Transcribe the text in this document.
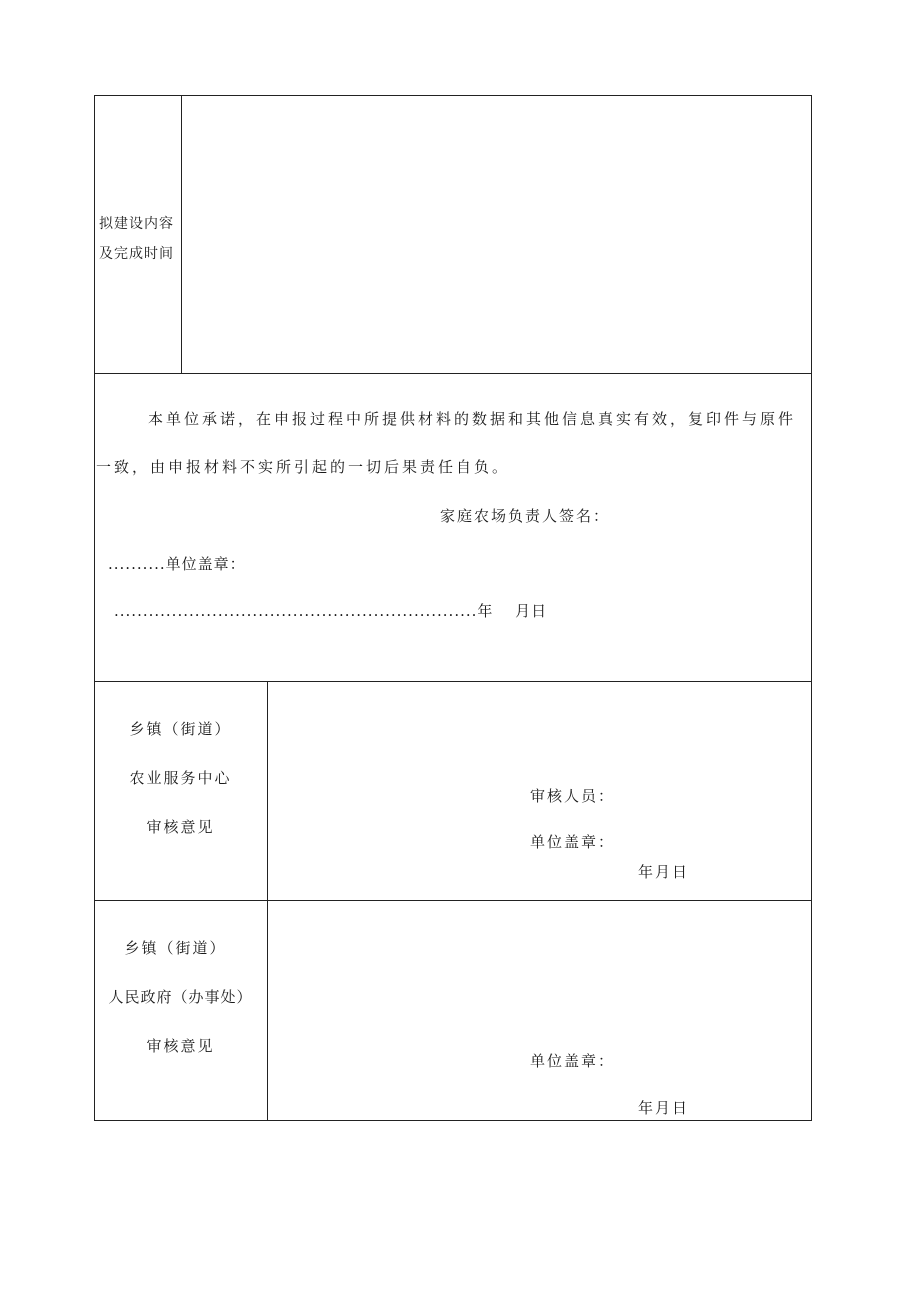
拟建设内容
及完成时间
本单位承诺，在申报过程中所提供材料的数据和其他信息真实有效，复印件与原件
一致，由申报材料不实所引起的一切后果责任自负。
家庭农场负责人签名：
..........单位盖章：
...............................................................年　 月日
乡镇（街道）
农业服务中心
审核意见
审核人员：
单位盖章：
年月日
乡镇（街道）
人民政府（办事处）
审核意见
单位盖章：
年月日
